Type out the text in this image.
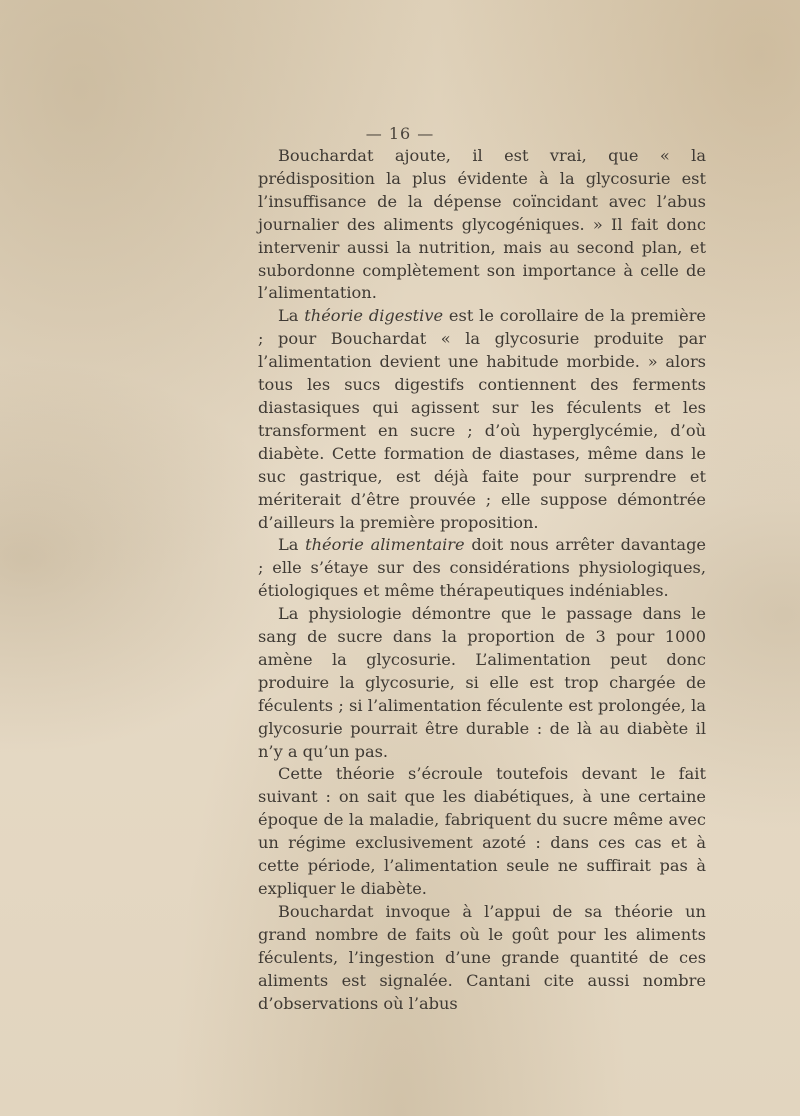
— 16 —

Bouchardat ajoute, il est vrai, que « la prédisposition la plus évidente à la glycosurie est l’insuffisance de la dépense coïncidant avec l’abus journalier des aliments glycogéniques. » Il fait donc intervenir aussi la nutrition, mais au second plan, et subordonne complètement son importance à celle de l’alimentation.

La théorie digestive est le corollaire de la première ; pour Bouchardat « la glycosurie produite par l’alimentation devient une habitude morbide. » alors tous les sucs digestifs contiennent des ferments diastasiques qui agissent sur les féculents et les transforment en sucre ; d’où hyperglycémie, d’où diabète. Cette formation de diastases, même dans le suc gastrique, est déjà faite pour surprendre et mériterait d’être prouvée ; elle suppose démontrée d’ailleurs la première proposition.

La théorie alimentaire doit nous arrêter davantage ; elle s’étaye sur des considérations physiologiques, étiologiques et même thérapeutiques indéniables.

La physiologie démontre que le passage dans le sang de sucre dans la proportion de 3 pour 1000 amène la glycosurie. L’alimentation peut donc produire la glycosurie, si elle est trop chargée de féculents ; si l’alimentation féculente est prolongée, la glycosurie pourrait être durable : de là au diabète il n’y a qu’un pas.

Cette théorie s’écroule toutefois devant le fait suivant : on sait que les diabétiques, à une certaine époque de la maladie, fabriquent du sucre même avec un régime exclusivement azoté : dans ces cas et à cette période, l’alimentation seule ne suffirait pas à expliquer le diabète.

Bouchardat invoque à l’appui de sa théorie un grand nombre de faits où le goût pour les aliments féculents, l’ingestion d’une grande quantité de ces aliments est signalée. Cantani cite aussi nombre d’observations où l’abus
